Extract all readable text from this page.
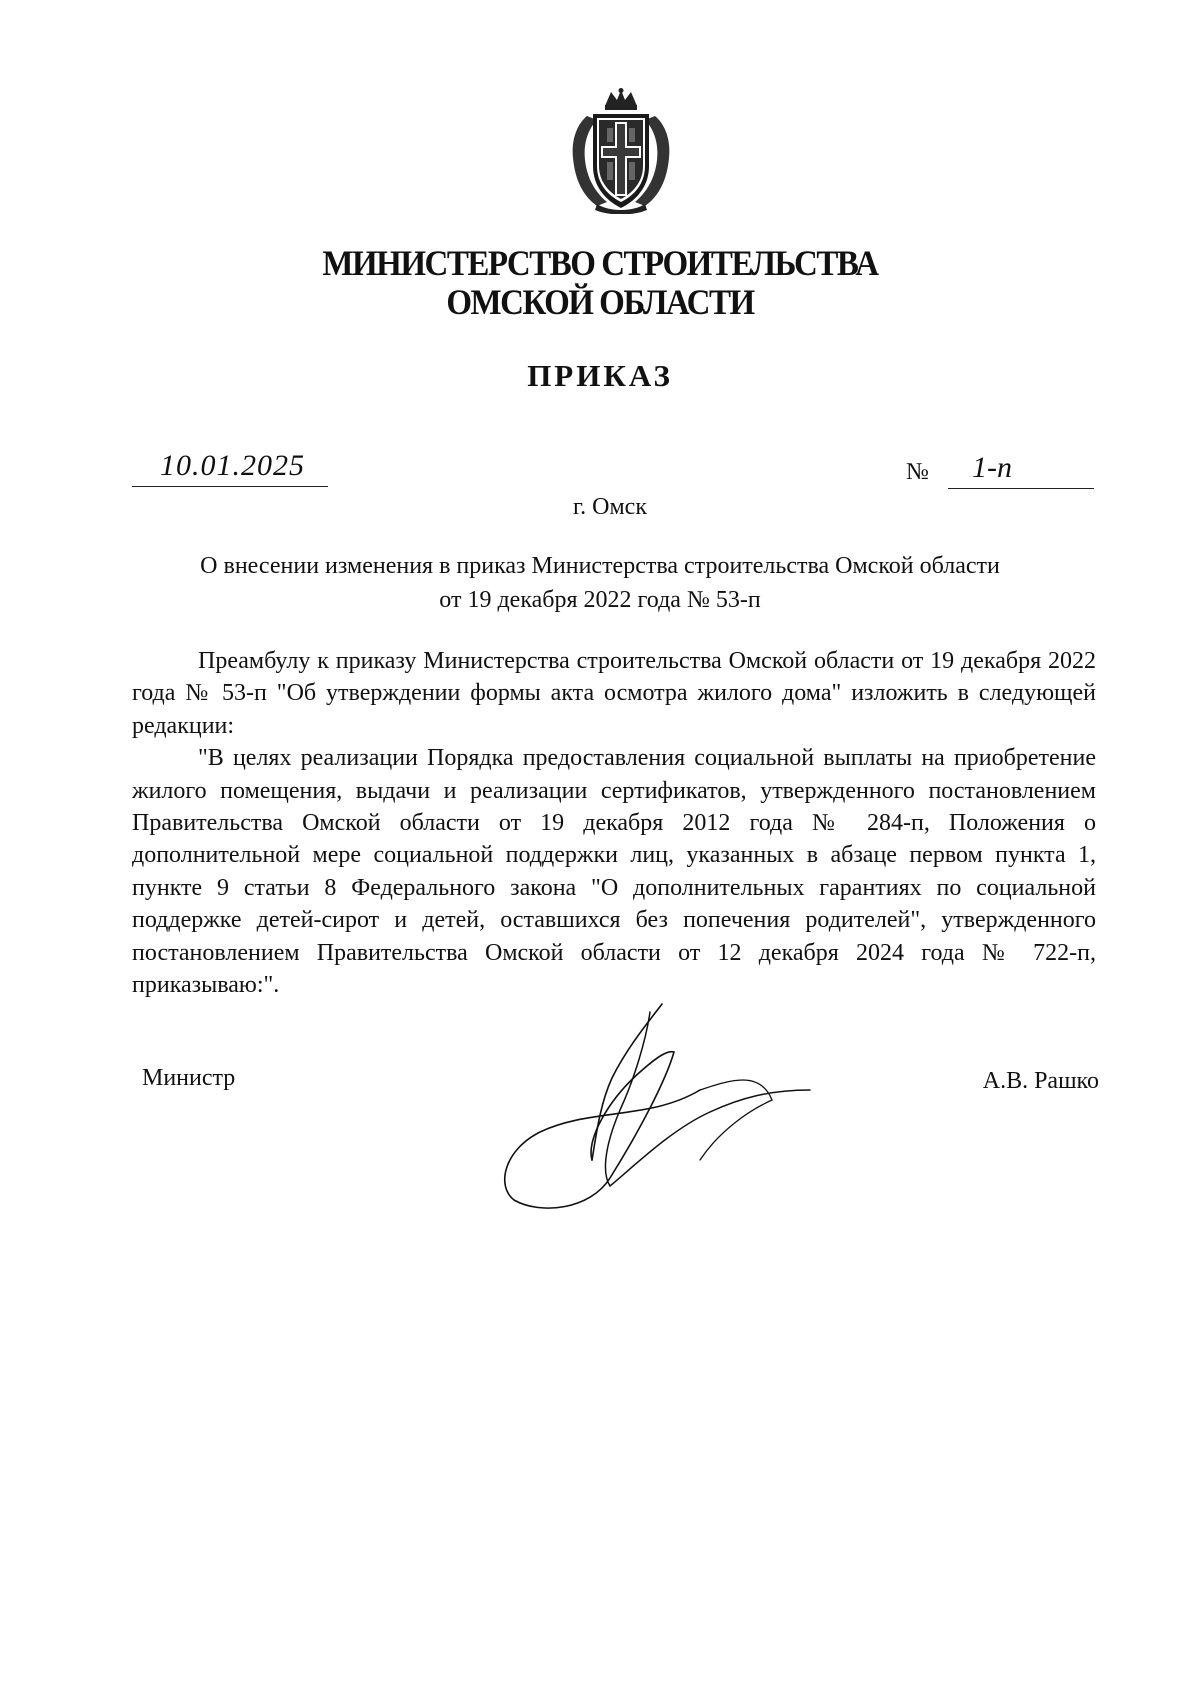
МИНИСТЕРСТВО СТРОИТЕЛЬСТВА
ОМСКОЙ ОБЛАСТИ
ПРИКАЗ
10.01.2025	№ 1-п
г. Омск
О внесении изменения в приказ Министерства строительства Омской области
от 19 декабря 2022 года № 53-п

Преамбулу к приказу Министерства строительства Омской области от 19 декабря 2022 года № 53-п "Об утверждении формы акта осмотра жилого дома" изложить в следующей редакции:

"В целях реализации Порядка предоставления социальной выплаты на приобретение жилого помещения, выдачи и реализации сертификатов, утвержденного постановлением Правительства Омской области от 19 декабря 2012 года № 284-п, Положения о дополнительной мере социальной поддержки лиц, указанных в абзаце первом пункта 1, пункте 9 статьи 8 Федерального закона "О дополнительных гарантиях по социальной поддержке детей-сирот и детей, оставшихся без попечения родителей", утвержденного постановлением Правительства Омской области от 12 декабря 2024 года № 722-п, приказываю:".

Министр	А.В. Рашко
